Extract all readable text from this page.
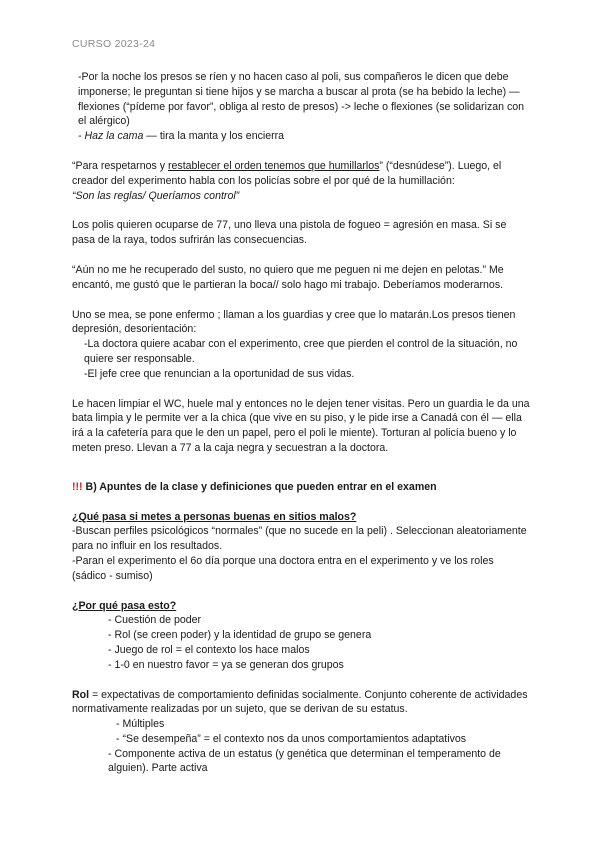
CURSO 2023-24

-Por la noche los presos se ríen y no hacen caso al poli, sus compañeros le dicen que debe imponerse; le preguntan si tiene hijos y se marcha a buscar al prota (se ha bebido la leche) — flexiones (“pídeme por favor”, obliga al resto de presos) -> leche o flexiones (se solidarizan con el alérgico)

- Haz la cama — tira la manta y los encierra

“Para respetarnos y restablecer el orden tenemos que humillarlos” (“desnúdese”). Luego, el creador del experimento habla con los policías sobre el por qué de la humillación:

“Son las reglas/ Queríamos control”

Los polis quieren ocuparse de 77, uno lleva una pistola de fogueo = agresión en masa. Si se pasa de la raya, todos sufrirán las consecuencias.

“Aún no me he recuperado del susto, no quiero que me peguen ni me dejen en pelotas.” Me encantó, me gustó que le partieran la boca// solo hago mi trabajo. Deberíamos moderarnos.

Uno se mea, se pone enfermo ; llaman a los guardias y cree que lo matarán.Los presos tienen depresión, desorientación:

-La doctora quiere acabar con el experimento, cree que pierden el control de la situación, no quiere ser responsable.

-El jefe cree que renuncian a la oportunidad de sus vidas.

Le hacen limpiar el WC, huele mal y entonces no le dejen tener visitas. Pero un guardia le da una bata limpia y le permite ver a la chica (que vive en su piso, y le pide irse a Canadá con él — ella irá a la cafetería para que le den un papel, pero el poli le miente). Torturan al policía bueno y lo meten preso. Llevan a 77 a la caja negra y secuestran a la doctora.

!!! B) Apuntes de la clase y definiciones que pueden entrar en el examen

¿Qué pasa si metes a personas buenas en sitios malos?

-Buscan perfiles psicológicos “normales” (que no sucede en la peli) . Seleccionan aleatoriamente para no influir en los resultados.

-Paran el experimento el 6o día porque una doctora entra en el experimento y ve los roles (sádico - sumiso)

¿Por qué pasa esto?

- Cuestión de poder

- Rol (se creen poder) y la identidad de grupo se genera

- Juego de rol = el contexto los hace malos

- 1-0 en nuestro favor = ya se generan dos grupos

Rol = expectativas de comportamiento definidas socialmente. Conjunto coherente de actividades normativamente realizadas por un sujeto, que se derivan de su estatus.

- Múltiples

- “Se desempeña” = el contexto nos da unos comportamientos adaptativos

- Componente activa de un estatus (y genética que determinan el temperamento de alguien). Parte activa
